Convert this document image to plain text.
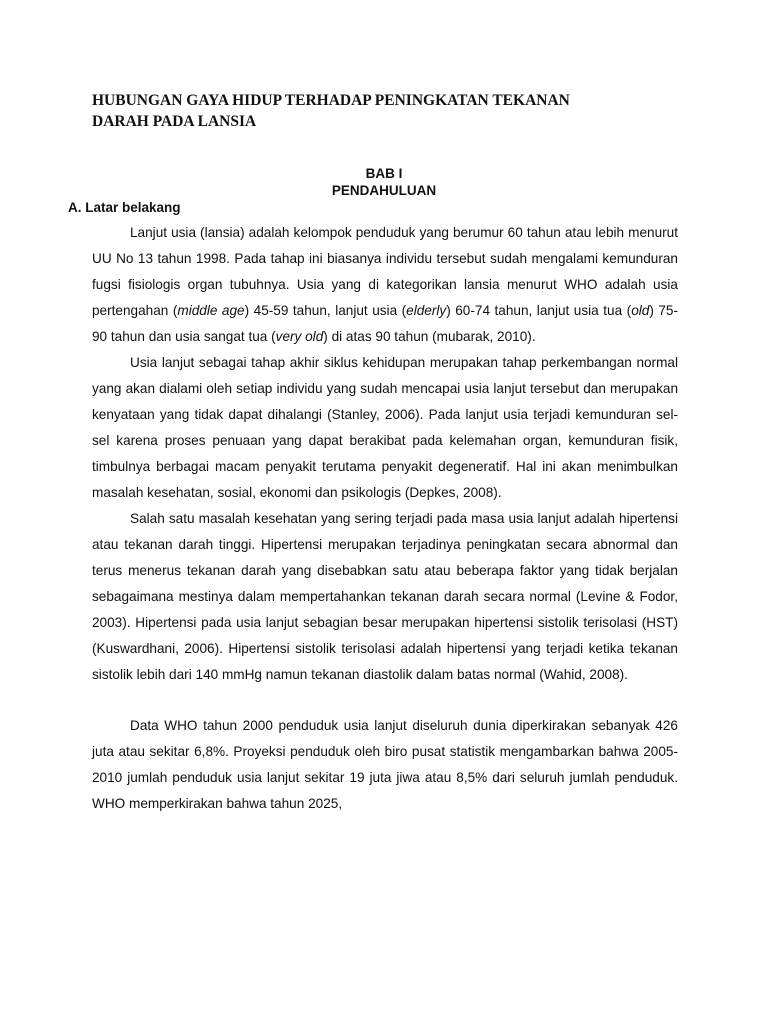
HUBUNGAN GAYA HIDUP TERHADAP PENINGKATAN TEKANAN
DARAH PADA LANSIA
BAB I
PENDAHULUAN
A. Latar belakang

Lanjut usia (lansia) adalah kelompok penduduk yang berumur 60 tahun atau lebih menurut UU No 13 tahun 1998. Pada tahap ini biasanya individu tersebut sudah mengalami kemunduran fugsi fisiologis organ tubuhnya. Usia yang di kategorikan lansia menurut WHO adalah usia pertengahan (middle age) 45-59 tahun, lanjut usia (elderly) 60-74 tahun, lanjut usia tua (old) 75-90 tahun dan usia sangat tua (very old) di atas 90 tahun (mubarak, 2010).

Usia lanjut sebagai tahap akhir siklus kehidupan merupakan tahap perkembangan normal yang akan dialami oleh setiap individu yang sudah mencapai usia lanjut tersebut dan merupakan kenyataan yang tidak dapat dihalangi (Stanley, 2006). Pada lanjut usia terjadi kemunduran sel-sel karena proses penuaan yang dapat berakibat pada kelemahan organ, kemunduran fisik, timbulnya berbagai macam penyakit terutama penyakit degeneratif. Hal ini akan menimbulkan masalah kesehatan, sosial, ekonomi dan psikologis (Depkes, 2008).

Salah satu masalah kesehatan yang sering terjadi pada masa usia lanjut adalah hipertensi atau tekanan darah tinggi. Hipertensi merupakan terjadinya peningkatan secara abnormal dan terus menerus tekanan darah yang disebabkan satu atau beberapa faktor yang tidak berjalan sebagaimana mestinya dalam mempertahankan tekanan darah secara normal (Levine & Fodor, 2003). Hipertensi pada usia lanjut sebagian besar merupakan hipertensi sistolik terisolasi (HST) (Kuswardhani, 2006). Hipertensi sistolik terisolasi adalah hipertensi yang terjadi ketika tekanan sistolik lebih dari 140 mmHg namun tekanan diastolik dalam batas normal (Wahid, 2008).

Data WHO tahun 2000 penduduk usia lanjut diseluruh dunia diperkirakan sebanyak 426 juta atau sekitar 6,8%. Proyeksi penduduk oleh biro pusat statistik mengambarkan bahwa 2005-2010 jumlah penduduk usia lanjut sekitar 19 juta jiwa atau 8,5% dari seluruh jumlah penduduk. WHO memperkirakan bahwa tahun 2025,
